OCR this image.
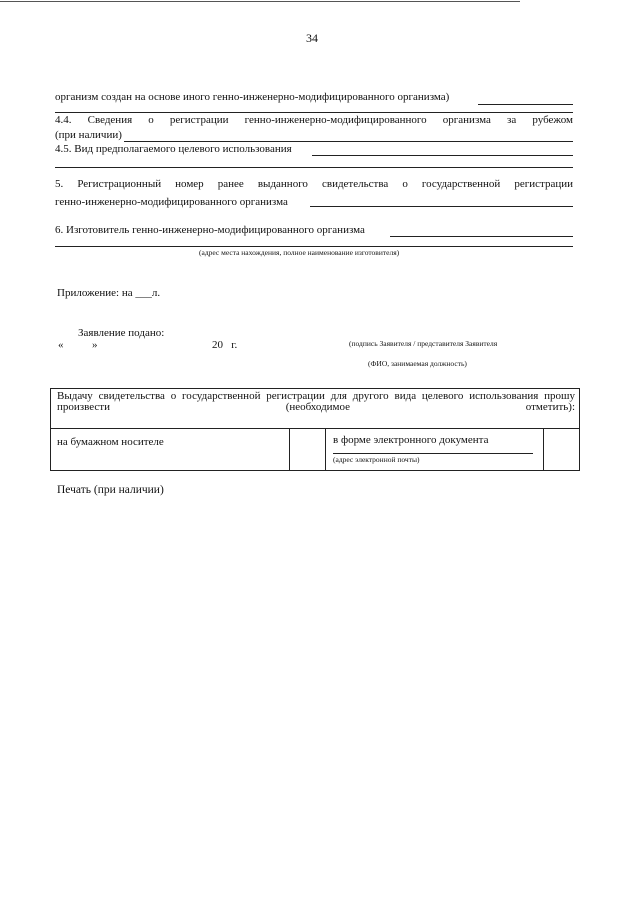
34
организм создан на основе иного генно-инженерно-модифицированного организма)
4.4. Сведения о регистрации генно-инженерно-модифицированного организма за рубежом
(при наличии)
4.5. Вид предполагаемого целевого использования
5. Регистрационный номер ранее выданного свидетельства о государственной регистрации
генно-инженерно-модифицированного организма
6. Изготовитель генно-инженерно-модифицированного организма
(адрес места нахождения, полное наименование изготовителя)
Приложение: на ___л.
Заявление подано:
«	»	20   г.	(подпись Заявителя / представителя Заявителя
(ФИО, занимаемая должность)
Выдачу свидетельства о государственной регистрации для другого вида целевого использования прошу произвести (необходимое отметить):
на бумажном носителе	в форме электронного документа
(адрес электронной почты)
Печать (при наличии)
